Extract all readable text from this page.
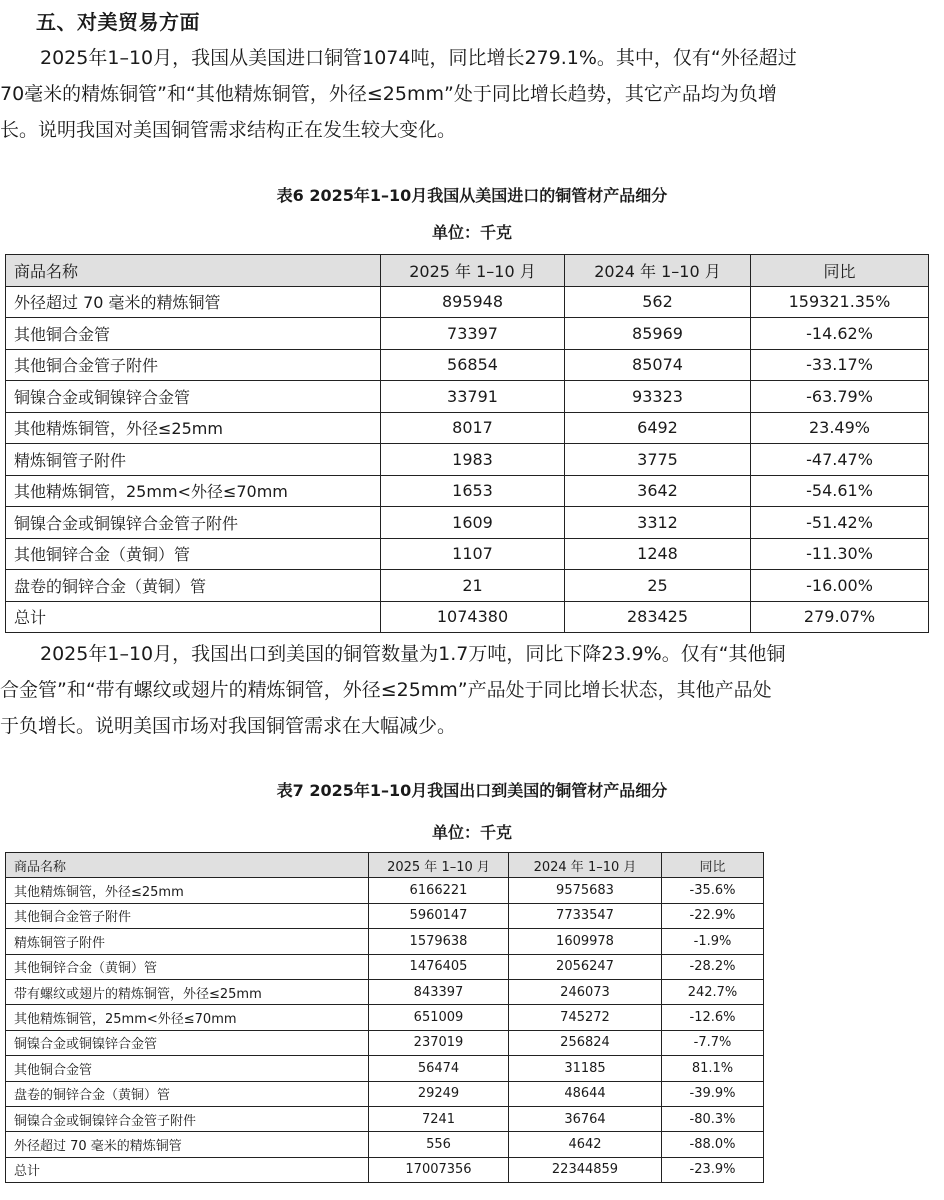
五、对美贸易方面

2025年1–10月，我国从美国进口铜管1074吨，同比增长279.1%。其中，仅有“外径超过
70毫米的精炼铜管”和“其他精炼铜管，外径≤25mm”处于同比增长趋势，其它产品均为负增
长。说明我国对美国铜管需求结构正在发生较大变化。

表6 2025年1–10月我国从美国进口的铜管材产品细分
单位：千克
商品名称	2025 年 1–10 月	2024 年 1–10 月	同比
外径超过 70 毫米的精炼铜管	895948	562	159321.35%
其他铜合金管	73397	85969	-14.62%
其他铜合金管子附件	56854	85074	-33.17%
铜镍合金或铜镍锌合金管	33791	93323	-63.79%
其他精炼铜管，外径≤25mm	8017	6492	23.49%
精炼铜管子附件	1983	3775	-47.47%
其他精炼铜管，25mm<外径≤70mm	1653	3642	-54.61%
铜镍合金或铜镍锌合金管子附件	1609	3312	-51.42%
其他铜锌合金（黄铜）管	1107	1248	-11.30%
盘卷的铜锌合金（黄铜）管	21	25	-16.00%
总计	1074380	283425	279.07%

2025年1–10月，我国出口到美国的铜管数量为1.7万吨，同比下降23.9%。仅有“其他铜
合金管”和“带有螺纹或翅片的精炼铜管，外径≤25mm”产品处于同比增长状态，其他产品处
于负增长。说明美国市场对我国铜管需求在大幅减少。

表7 2025年1–10月我国出口到美国的铜管材产品细分
单位：千克
商品名称	2025 年 1–10 月	2024 年 1–10 月	同比
其他精炼铜管，外径≤25mm	6166221	9575683	-35.6%
其他铜合金管子附件	5960147	7733547	-22.9%
精炼铜管子附件	1579638	1609978	-1.9%
其他铜锌合金（黄铜）管	1476405	2056247	-28.2%
带有螺纹或翅片的精炼铜管，外径≤25mm	843397	246073	242.7%
其他精炼铜管，25mm<外径≤70mm	651009	745272	-12.6%
铜镍合金或铜镍锌合金管	237019	256824	-7.7%
其他铜合金管	56474	31185	81.1%
盘卷的铜锌合金（黄铜）管	29249	48644	-39.9%
铜镍合金或铜镍锌合金管子附件	7241	36764	-80.3%
外径超过 70 毫米的精炼铜管	556	4642	-88.0%
总计	17007356	22344859	-23.9%
